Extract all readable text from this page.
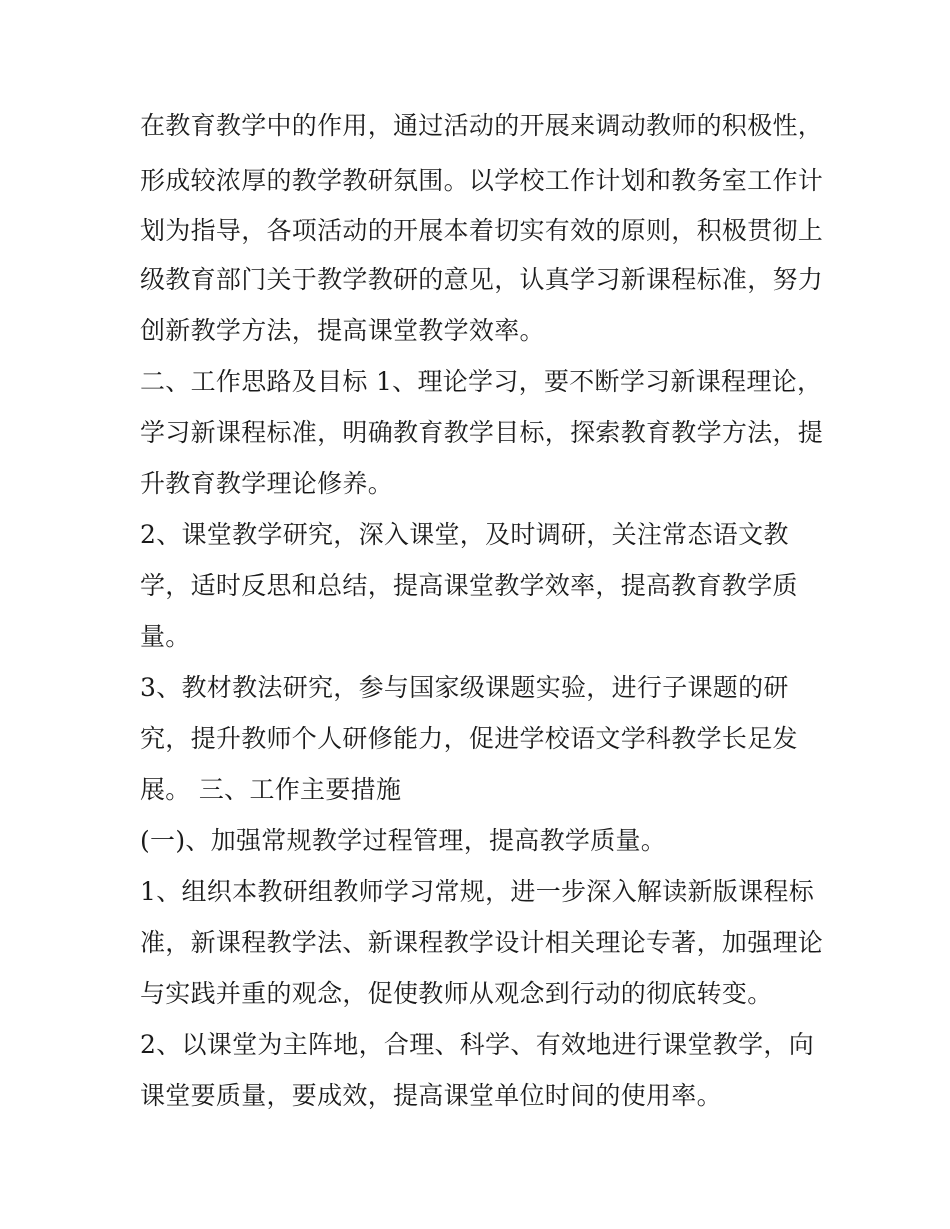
在教育教学中的作用，通过活动的开展来调动教师的积极性，
形成较浓厚的教学教研氛围。以学校工作计划和教务室工作计
划为指导，各项活动的开展本着切实有效的原则，积极贯彻上
级教育部门关于教学教研的意见，认真学习新课程标准，努力
创新教学方法，提高课堂教学效率。
二、工作思路及目标 1、理论学习，要不断学习新课程理论，
学习新课程标准，明确教育教学目标，探索教育教学方法，提
升教育教学理论修养。
2、课堂教学研究，深入课堂，及时调研，关注常态语文教
学，适时反思和总结，提高课堂教学效率，提高教育教学质
量。
3、教材教法研究，参与国家级课题实验，进行子课题的研
究，提升教师个人研修能力，促进学校语文学科教学长足发
展。 三、工作主要措施
(一)、加强常规教学过程管理，提高教学质量。
1、组织本教研组教师学习常规，进一步深入解读新版课程标
准，新课程教学法、新课程教学设计相关理论专著，加强理论
与实践并重的观念，促使教师从观念到行动的彻底转变。
2、以课堂为主阵地，合理、科学、有效地进行课堂教学，向
课堂要质量，要成效，提高课堂单位时间的使用率。
